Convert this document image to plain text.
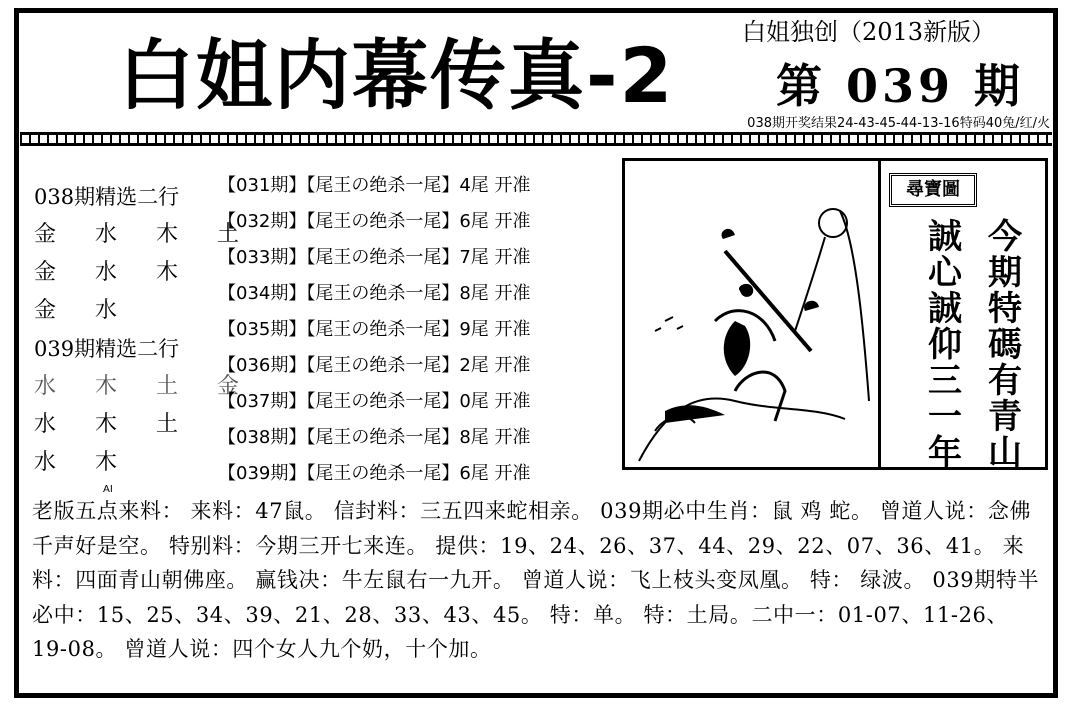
白姐内幕传真-2	白姐独创（2013新版）
第 039 期
038期开奖结果24-43-45-44-13-16特码40兔/红/火
038期精选二行
金 水 木 土
金 水 木
金 水
039期精选二行
水 木 土 金
水 木 土
水 木
AI
【031期】【尾王の绝杀一尾】4尾 开准
【032期】【尾王の绝杀一尾】6尾 开准
【033期】【尾王の绝杀一尾】7尾 开准
【034期】【尾王の绝杀一尾】8尾 开准
【035期】【尾王の绝杀一尾】9尾 开准
【036期】【尾王の绝杀一尾】2尾 开准
【037期】【尾王の绝杀一尾】0尾 开准
【038期】【尾王の绝杀一尾】8尾 开准
【039期】【尾王の绝杀一尾】6尾 开准
尋寶圖
誠心誠仰三一年
今期特碼有青山
老版五点来料： 来料：47鼠。 信封料：三五四来蛇相亲。 039期必中生肖：鼠 鸡 蛇。 曾道人说：念佛千声好是空。 特别料：今期三开七来连。 提供：19、24、26、37、44、29、22、07、36、41。 来料：四面青山朝佛座。 赢钱决：牛左鼠右一九开。 曾道人说：飞上枝头变凤凰。 特： 绿波。 039期特半必中：15、25、34、39、21、28、33、43、45。 特：单。 特：土局。二中一：01-07、11-26、19-08。 曾道人说：四个女人九个奶，十个加。
